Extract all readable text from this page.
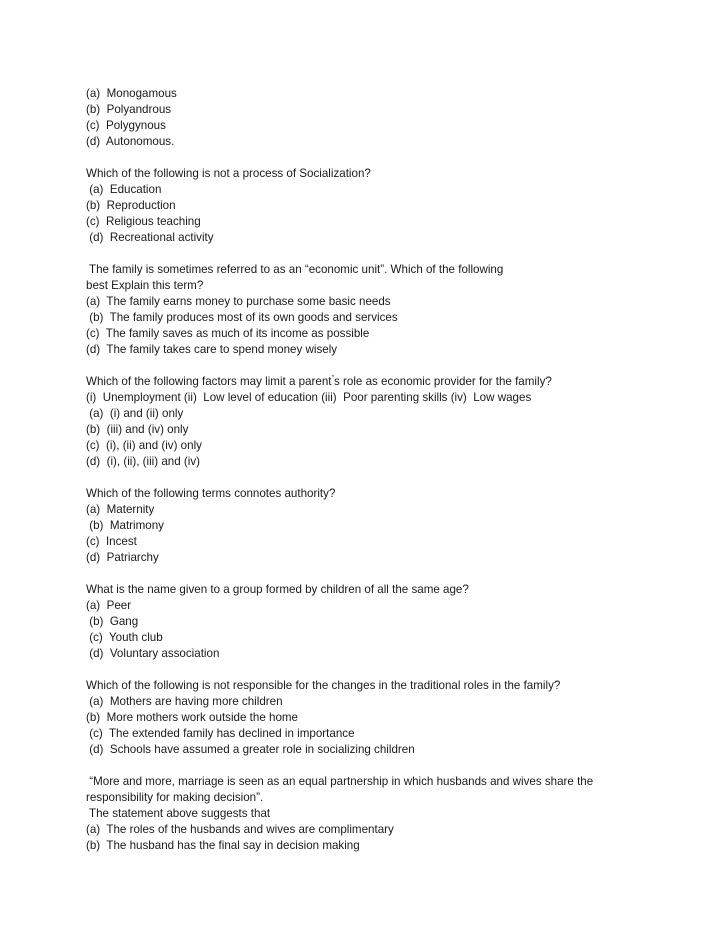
(a)  Monogamous
(b)  Polyandrous
(c)  Polygynous
(d)  Autonomous.
Which of the following is not a process of Socialization?
(a)  Education
(b)  Reproduction
(c)  Religious teaching
(d)  Recreational activity
The family is sometimes referred to as an “economic unit”. Which of the following
best Explain this term?
(a)  The family earns money to purchase some basic needs
(b)  The family produces most of its own goods and services
(c)  The family saves as much of its income as possible
(d)  The family takes care to spend money wisely
Which of the following factors may limit a parent"s role as economic provider for the family?
(i)  Unemployment (ii)  Low level of education (iii)  Poor parenting skills (iv)  Low wages
(a)  (i) and (ii) only
(b)  (iii) and (iv) only
(c)  (i), (ii) and (iv) only
(d)  (i), (ii), (iii) and (iv)
Which of the following terms connotes authority?
(a)  Maternity
(b)  Matrimony
(c)  Incest
(d)  Patriarchy
What is the name given to a group formed by children of all the same age?
(a)  Peer
(b)  Gang
(c)  Youth club
(d)  Voluntary association
Which of the following is not responsible for the changes in the traditional roles in the family?
(a)  Mothers are having more children
(b)  More mothers work outside the home
(c)  The extended family has declined in importance
(d)  Schools have assumed a greater role in socializing children
“More and more, marriage is seen as an equal partnership in which husbands and wives share the
responsibility for making decision”.
The statement above suggests that
(a)  The roles of the husbands and wives are complimentary
(b)  The husband has the final say in decision making
